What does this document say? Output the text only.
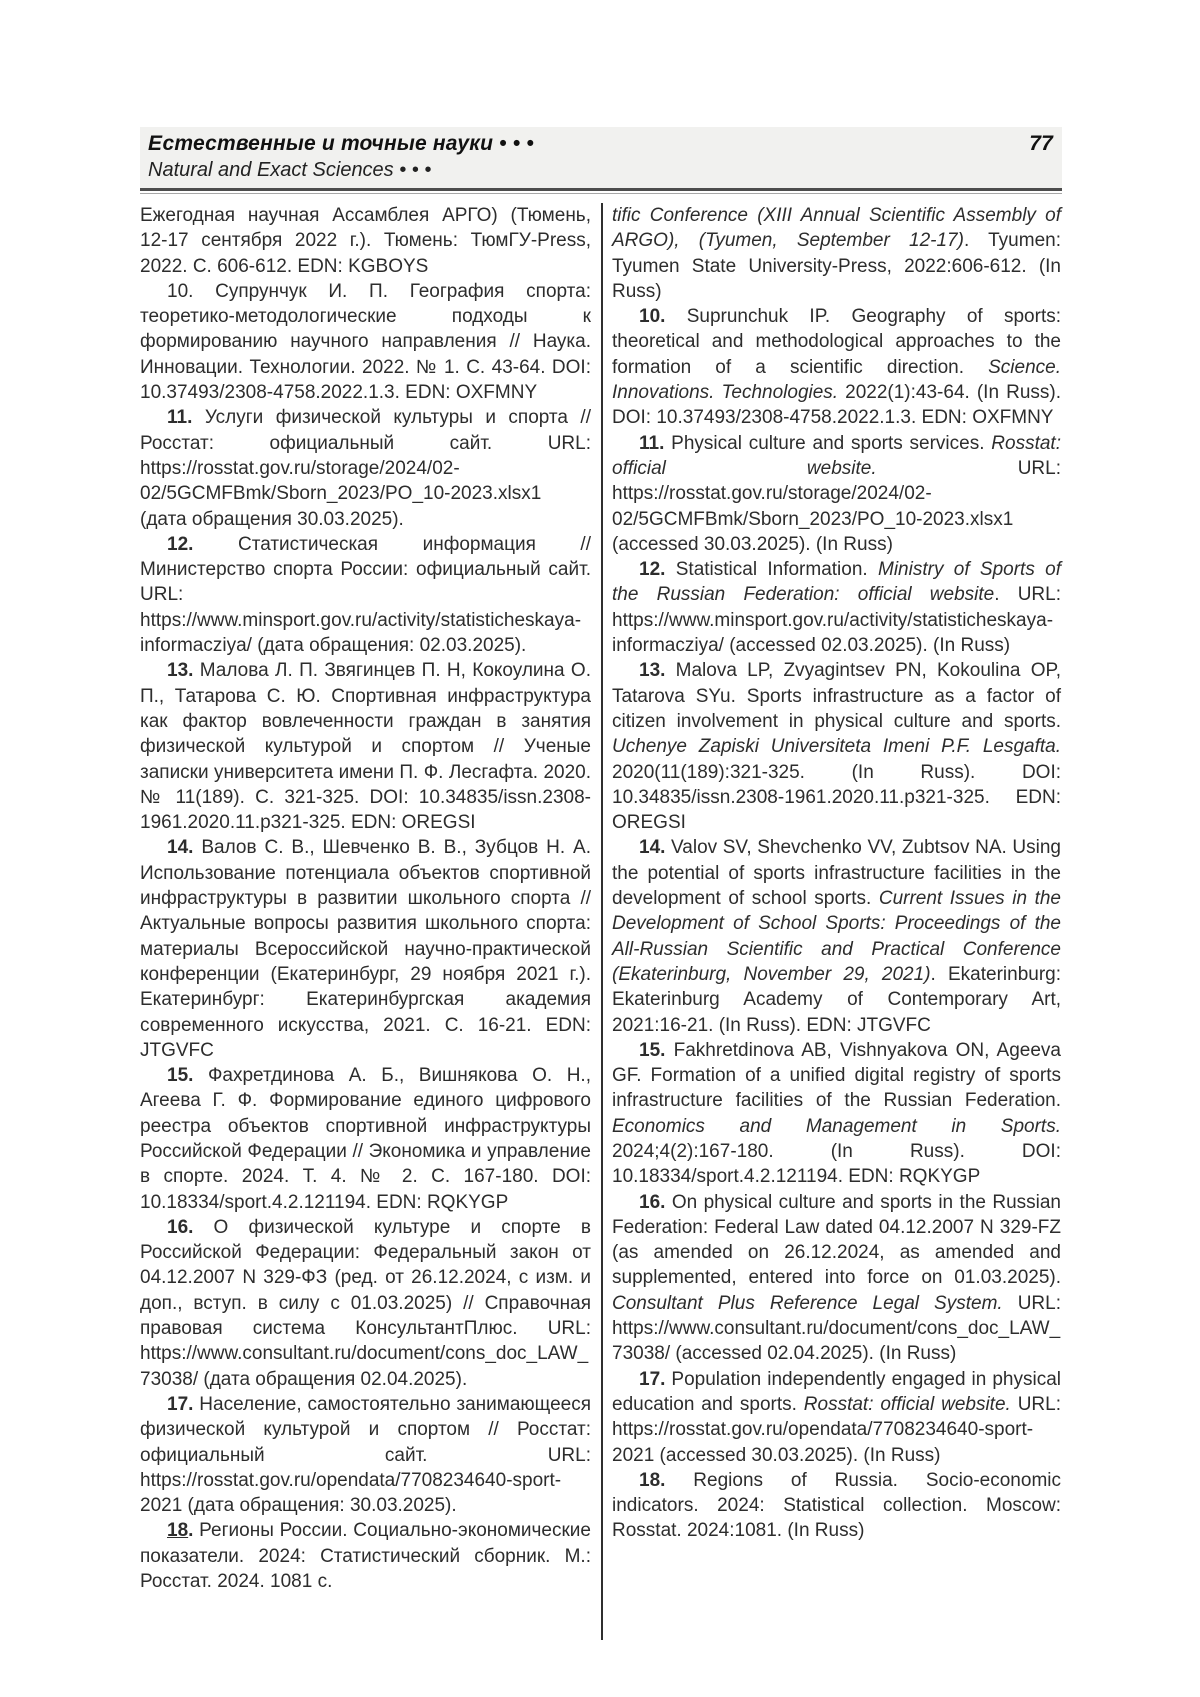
Естественные и точные науки • • •	77
Natural and Exact Sciences • • •

Ежегодная научная Ассамблея АРГО) (Тюмень, 12-17 сентября 2022 г.). Тюмень: ТюмГУ-Press, 2022. С. 606-612. EDN: KGBOYS

10. Супрунчук И. П. География спорта: теоретико-методологические подходы к формированию научного направления // Наука. Инновации. Технологии. 2022. № 1. С. 43-64. DOI: 10.37493/2308-4758.2022.1.3. EDN: OXFMNY

11. Услуги физической культуры и спорта // Росстат: официальный сайт. URL: https://rosstat.gov.ru/storage/2024/02-02/5GCMFBmk/Sborn_2023/PO_10-2023.xlsx1 (дата обращения 30.03.2025).

12. Статистическая информация // Министерство спорта России: официальный сайт. URL: https://www.minsport.gov.ru/activity/statisticheskaya-informacziya/ (дата обращения: 02.03.2025).

13. Малова Л. П. Звягинцев П. Н, Кокоулина О. П., Татарова С. Ю. Спортивная инфраструктура как фактор вовлеченности граждан в занятия физической культурой и спортом // Ученые записки университета имени П. Ф. Лесгафта. 2020. № 11(189). С. 321-325. DOI: 10.34835/issn.2308-1961.2020.11.p321-325. EDN: OREGSI

14. Валов С. В., Шевченко В. В., Зубцов Н. А. Использование потенциала объектов спортивной инфраструктуры в развитии школьного спорта // Актуальные вопросы развития школьного спорта: материалы Всероссийской научно-практической конференции (Екатеринбург, 29 ноября 2021 г.). Екатеринбург: Екатеринбургская академия современного искусства, 2021. С. 16-21. EDN: JTGVFC

15. Фахретдинова А. Б., Вишнякова О. Н., Агеева Г. Ф. Формирование единого цифрового реестра объектов спортивной инфраструктуры Российской Федерации // Экономика и управление в спорте. 2024. Т. 4. № 2. С. 167-180. DOI: 10.18334/sport.4.2.121194. EDN: RQKYGP

16. О физической культуре и спорте в Российской Федерации: Федеральный закон от 04.12.2007 N 329-ФЗ (ред. от 26.12.2024, с изм. и доп., вступ. в силу с 01.03.2025) // Справочная правовая система КонсультантПлюс. URL: https://www.consultant.ru/document/cons_doc_LAW_73038/ (дата обращения 02.04.2025).

17. Население, самостоятельно занимающееся физической культурой и спортом // Росстат: официальный сайт. URL: https://rosstat.gov.ru/opendata/7708234640-sport-2021 (дата обращения: 30.03.2025).

18. Регионы России. Социально-экономические показатели. 2024: Статистический сборник. М.: Росстат. 2024. 1081 с.

tific Conference (XIII Annual Scientific Assembly of ARGO), (Tyumen, September 12-17). Tyumen: Tyumen State University-Press, 2022:606-612. (In Russ)

10. Suprunchuk IP. Geography of sports: theoretical and methodological approaches to the formation of a scientific direction. Science. Innovations. Technologies. 2022(1):43-64. (In Russ). DOI: 10.37493/2308-4758.2022.1.3. EDN: OXFMNY

11. Physical culture and sports services. Rosstat: official website. URL: https://rosstat.gov.ru/storage/2024/02-02/5GCMFBmk/Sborn_2023/PO_10-2023.xlsx1 (accessed 30.03.2025). (In Russ)

12. Statistical Information. Ministry of Sports of the Russian Federation: official website. URL: https://www.minsport.gov.ru/activity/statisticheskaya-informacziya/ (accessed 02.03.2025). (In Russ)

13. Malova LP, Zvyagintsev PN, Kokoulina OP, Tatarova SYu. Sports infrastructure as a factor of citizen involvement in physical culture and sports. Uchenye Zapiski Universiteta Imeni P.F. Lesgafta. 2020(11(189):321-325. (In Russ). DOI: 10.34835/issn.2308-1961.2020.11.p321-325. EDN: OREGSI

14. Valov SV, Shevchenko VV, Zubtsov NA. Using the potential of sports infrastructure facilities in the development of school sports. Current Issues in the Development of School Sports: Proceedings of the All-Russian Scientific and Practical Conference (Ekaterinburg, November 29, 2021). Ekaterinburg: Ekaterinburg Academy of Contemporary Art, 2021:16-21. (In Russ). EDN: JTGVFC

15. Fakhretdinova AB, Vishnyakova ON, Ageeva GF. Formation of a unified digital registry of sports infrastructure facilities of the Russian Federation. Economics and Management in Sports. 2024;4(2):167-180. (In Russ). DOI: 10.18334/sport.4.2.121194. EDN: RQKYGP

16. On physical culture and sports in the Russian Federation: Federal Law dated 04.12.2007 N 329-FZ (as amended on 26.12.2024, as amended and supplemented, entered into force on 01.03.2025). Consultant Plus Reference Legal System. URL: https://www.consultant.ru/document/cons_doc_LAW_73038/ (accessed 02.04.2025). (In Russ)

17. Population independently engaged in physical education and sports. Rosstat: official website. URL: https://rosstat.gov.ru/opendata/7708234640-sport-2021 (accessed 30.03.2025). (In Russ)

18. Regions of Russia. Socio-economic indicators. 2024: Statistical collection. Moscow: Rosstat. 2024:1081. (In Russ)
